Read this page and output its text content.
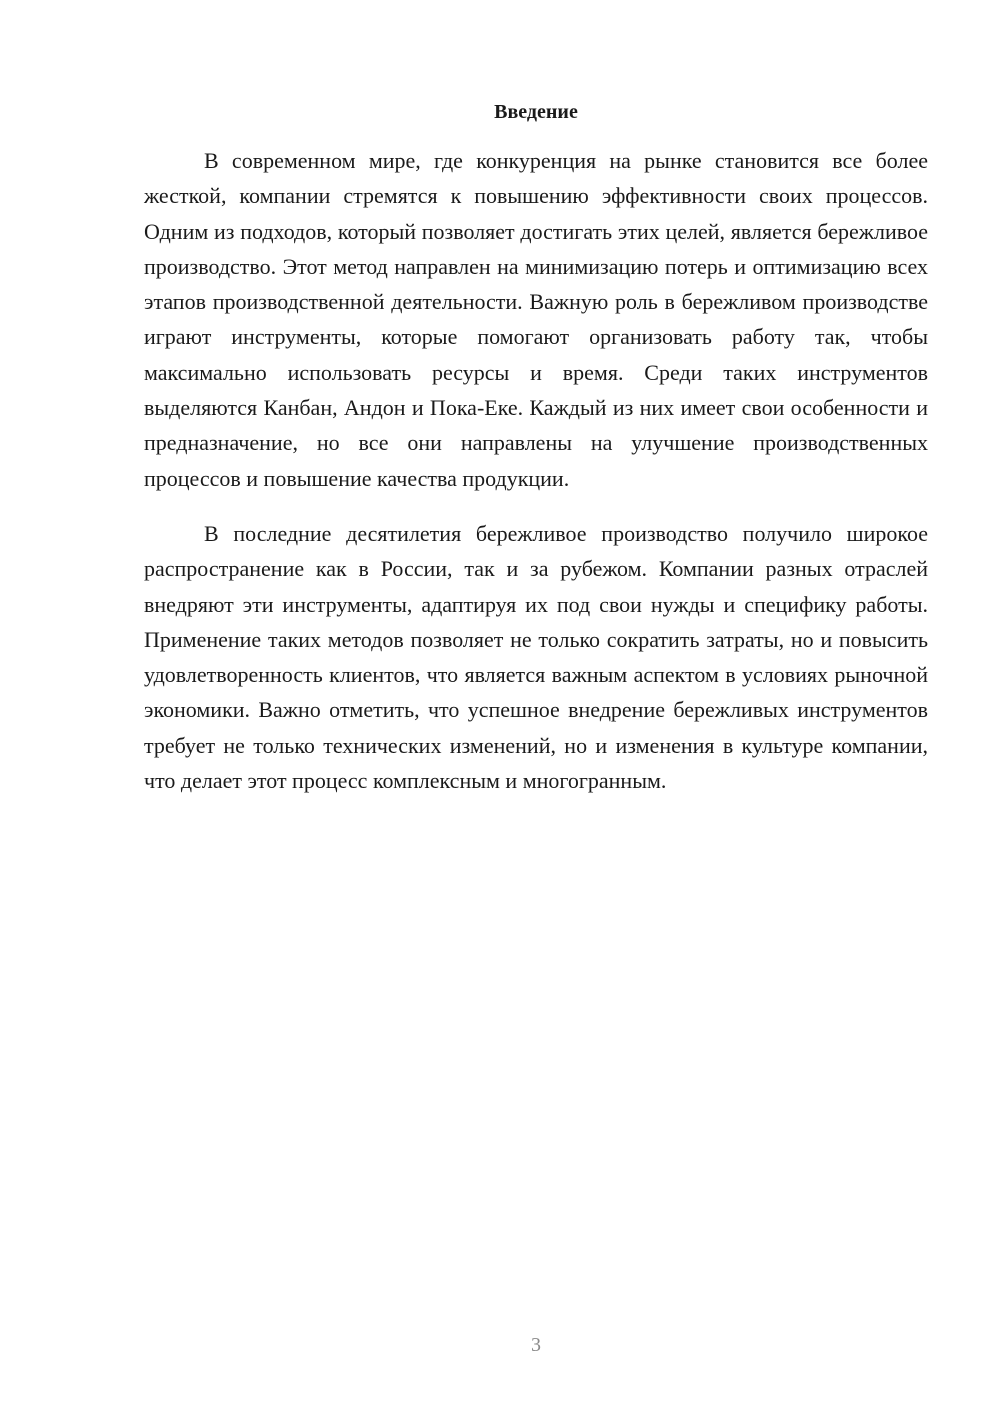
Введение

В современном мире, где конкуренция на рынке становится все более жесткой, компании стремятся к повышению эффективности своих процессов. Одним из подходов, который позволяет достигать этих целей, является бережливое производство. Этот метод направлен на минимизацию потерь и оптимизацию всех этапов производственной деятельности. Важную роль в бережливом производстве играют инструменты, которые помогают организовать работу так, чтобы максимально использовать ресурсы и время. Среди таких инструментов выделяются Канбан, Андон и Пока-Еке. Каждый из них имеет свои особенности и предназначение, но все они направлены на улучшение производственных процессов и повышение качества продукции.

В последние десятилетия бережливое производство получило широкое распространение как в России, так и за рубежом. Компании разных отраслей внедряют эти инструменты, адаптируя их под свои нужды и специфику работы. Применение таких методов позволяет не только сократить затраты, но и повысить удовлетворенность клиентов, что является важным аспектом в условиях рыночной экономики. Важно отметить, что успешное внедрение бережливых инструментов требует не только технических изменений, но и изменения в культуре компании, что делает этот процесс комплексным и многогранным.

3
